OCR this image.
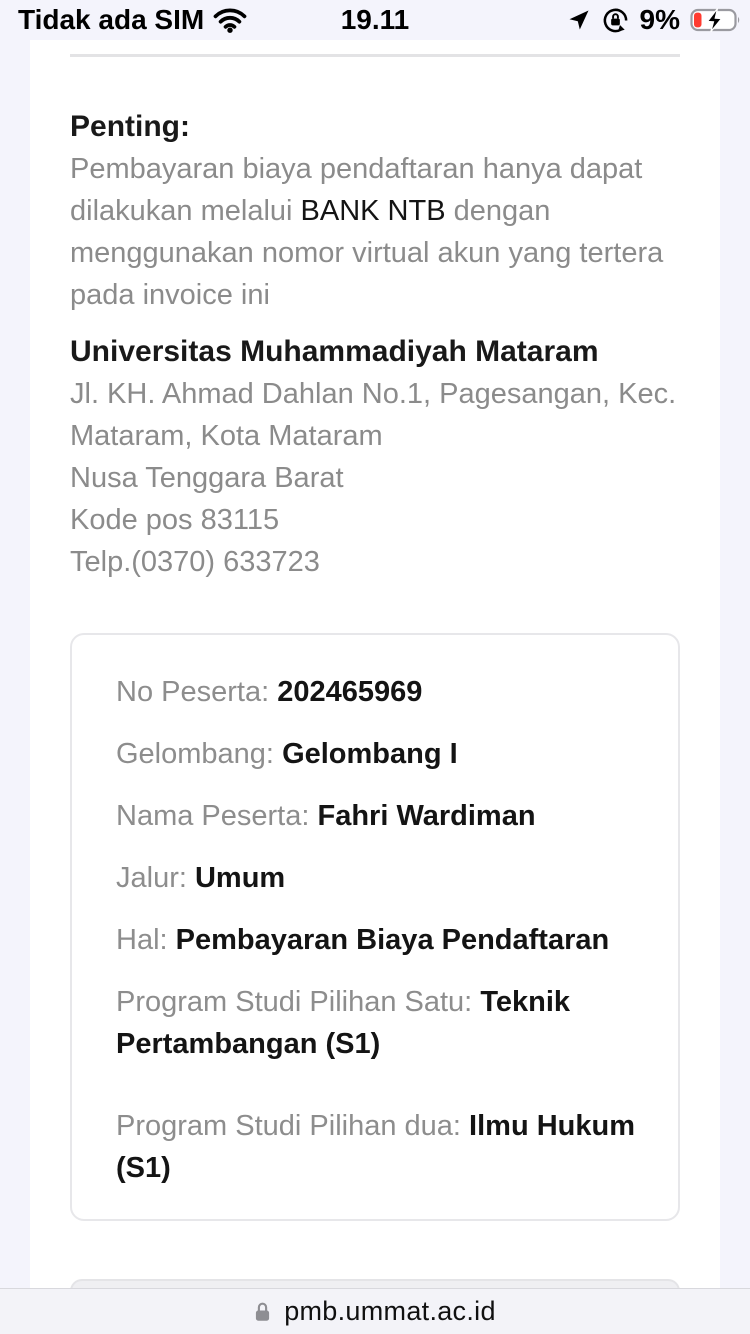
19.11
Tidak ada SIM	9%

Penting:

Pembayaran biaya pendaftaran hanya dapat dilakukan melalui BANK NTB dengan menggunakan nomor virtual akun yang tertera pada invoice ini

Universitas Muhammadiyah Mataram

Jl. KH. Ahmad Dahlan No.1, Pagesangan, Kec. Mataram, Kota Mataram
Nusa Tenggara Barat
Kode pos 83115
Telp.(0370) 633723

No Peserta: 202465969

Gelombang: Gelombang I

Nama Peserta: Fahri Wardiman

Jalur: Umum

Hal: Pembayaran Biaya Pendaftaran

Program Studi Pilihan Satu: Teknik Pertambangan (S1)

Program Studi Pilihan dua: Ilmu Hukum (S1)

pmb.ummat.ac.id
